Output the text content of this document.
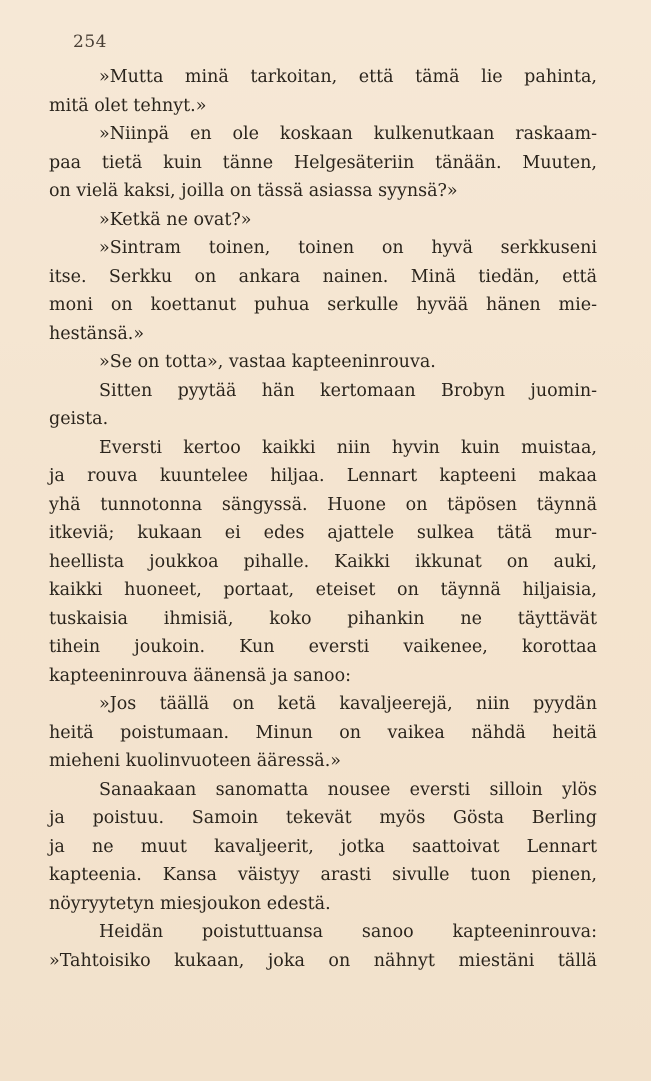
254
»Mutta minä tarkoitan, että tämä lie pahinta,
mitä olet tehnyt.»
»Niinpä en ole koskaan kulkenutkaan raskaam-
paa tietä kuin tänne Helgesäteriin tänään. Muuten,
on vielä kaksi, joilla on tässä asiassa syynsä?»
»Ketkä ne ovat?»
»Sintram toinen, toinen on hyvä serkkuseni
itse. Serkku on ankara nainen. Minä tiedän, että
moni on koettanut puhua serkulle hyvää hänen mie-
hestänsä.»
»Se on totta», vastaa kapteeninrouva.
Sitten pyytää hän kertomaan Brobyn juomin-
geista.
Eversti kertoo kaikki niin hyvin kuin muistaa,
ja rouva kuuntelee hiljaa. Lennart kapteeni makaa
yhä tunnotonna sängyssä. Huone on täpösen täynnä
itkeviä; kukaan ei edes ajattele sulkea tätä mur-
heellista joukkoa pihalle. Kaikki ikkunat on auki,
kaikki huoneet, portaat, eteiset on täynnä hiljaisia,
tuskaisia ihmisiä, koko pihankin ne täyttävät
tihein joukoin. Kun eversti vaikenee, korottaa
kapteeninrouva äänensä ja sanoo:
»Jos täällä on ketä kavaljeerejä, niin pyydän
heitä poistumaan. Minun on vaikea nähdä heitä
mieheni kuolinvuoteen ääressä.»
Sanaakaan sanomatta nousee eversti silloin ylös
ja poistuu. Samoin tekevät myös Gösta Berling
ja ne muut kavaljeerit, jotka saattoivat Lennart
kapteenia. Kansa väistyy arasti sivulle tuon pienen,
nöyryytetyn miesjoukon edestä.
Heidän poistuttuansa sanoo kapteeninrouva:
»Tahtoisiko kukaan, joka on nähnyt miestäni tällä
